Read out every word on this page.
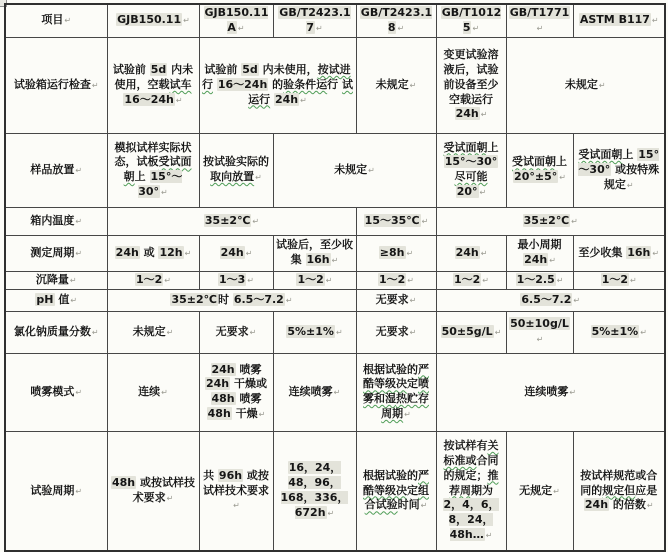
项目↵	GJB150.11 ↵	GJB150.11A ↵	GB/T2423.17 ↵	GB/T2423.18 ↵	GB/T10125 ↵	GB/T1771↵	ASTM B117 ↵
试验箱运行检查↵	试验前 5d 内未使用，空载试车 16～24h ↵	试验前 5d 内未使用，按试进行 16～24h 的验条件运行 试运行 24h ↵		未规定↵	变更试验溶液后，试验前设备至少空载运行 24h ↵	未规定↵	
样品放置↵	模拟试样实际状态，试板受试面朝上 15°～30° ↵	按试验实际的取向放置↵	未规定↵		受试面朝上 15°～30° 尽可能 20° ↵	受试面朝上 20°±5° ↵	受试面朝上 15°～30° 或按特殊规定↵
箱内温度↵	35±2℃ ↵			15～35℃ ↵	35±2℃ ↵		
测定周期↵	24h 或 12h ↵	24h ↵	试验后，至少收集 16h ↵	≥8h ↵	24h ↵	最小周期 24h ↵	至少收集 16h ↵
沉降量↵	1～2 ↵	1～3 ↵	1～2 ↵	1～2 ↵	1～2 ↵	1～2.5 ↵	1～2 ↵
pH 值↵	35±2℃时 6.5～7.2 ↵			无要求↵	6.5～7.2 ↵		
氯化钠质量分数↵	未规定↵	无要求↵	5%±1% ↵	无要求↵	50±5g/L ↵	50±10g/L↵	5%±1% ↵
喷雾模式↵	连续↵	24h 喷雾 24h 干燥或 48h 喷雾 48h 干燥↵	连续喷雾↵	根据试验的严酷等级决定喷雾和湿热贮存周期↵	连续喷雾↵		
试验周期↵	48h 或按试样技术要求↵	共 96h 或按试样技术要求↵	16，24，48，96，168，336，672h ↵	根据试验的严酷等级决定组合试验时间↵	按试样有关标准或合同的规定；推荐周期为 2，4，6，8，24，48h… ↵	无规定↵	按试样规范或合同的规定但应是 24h 的倍数↵
